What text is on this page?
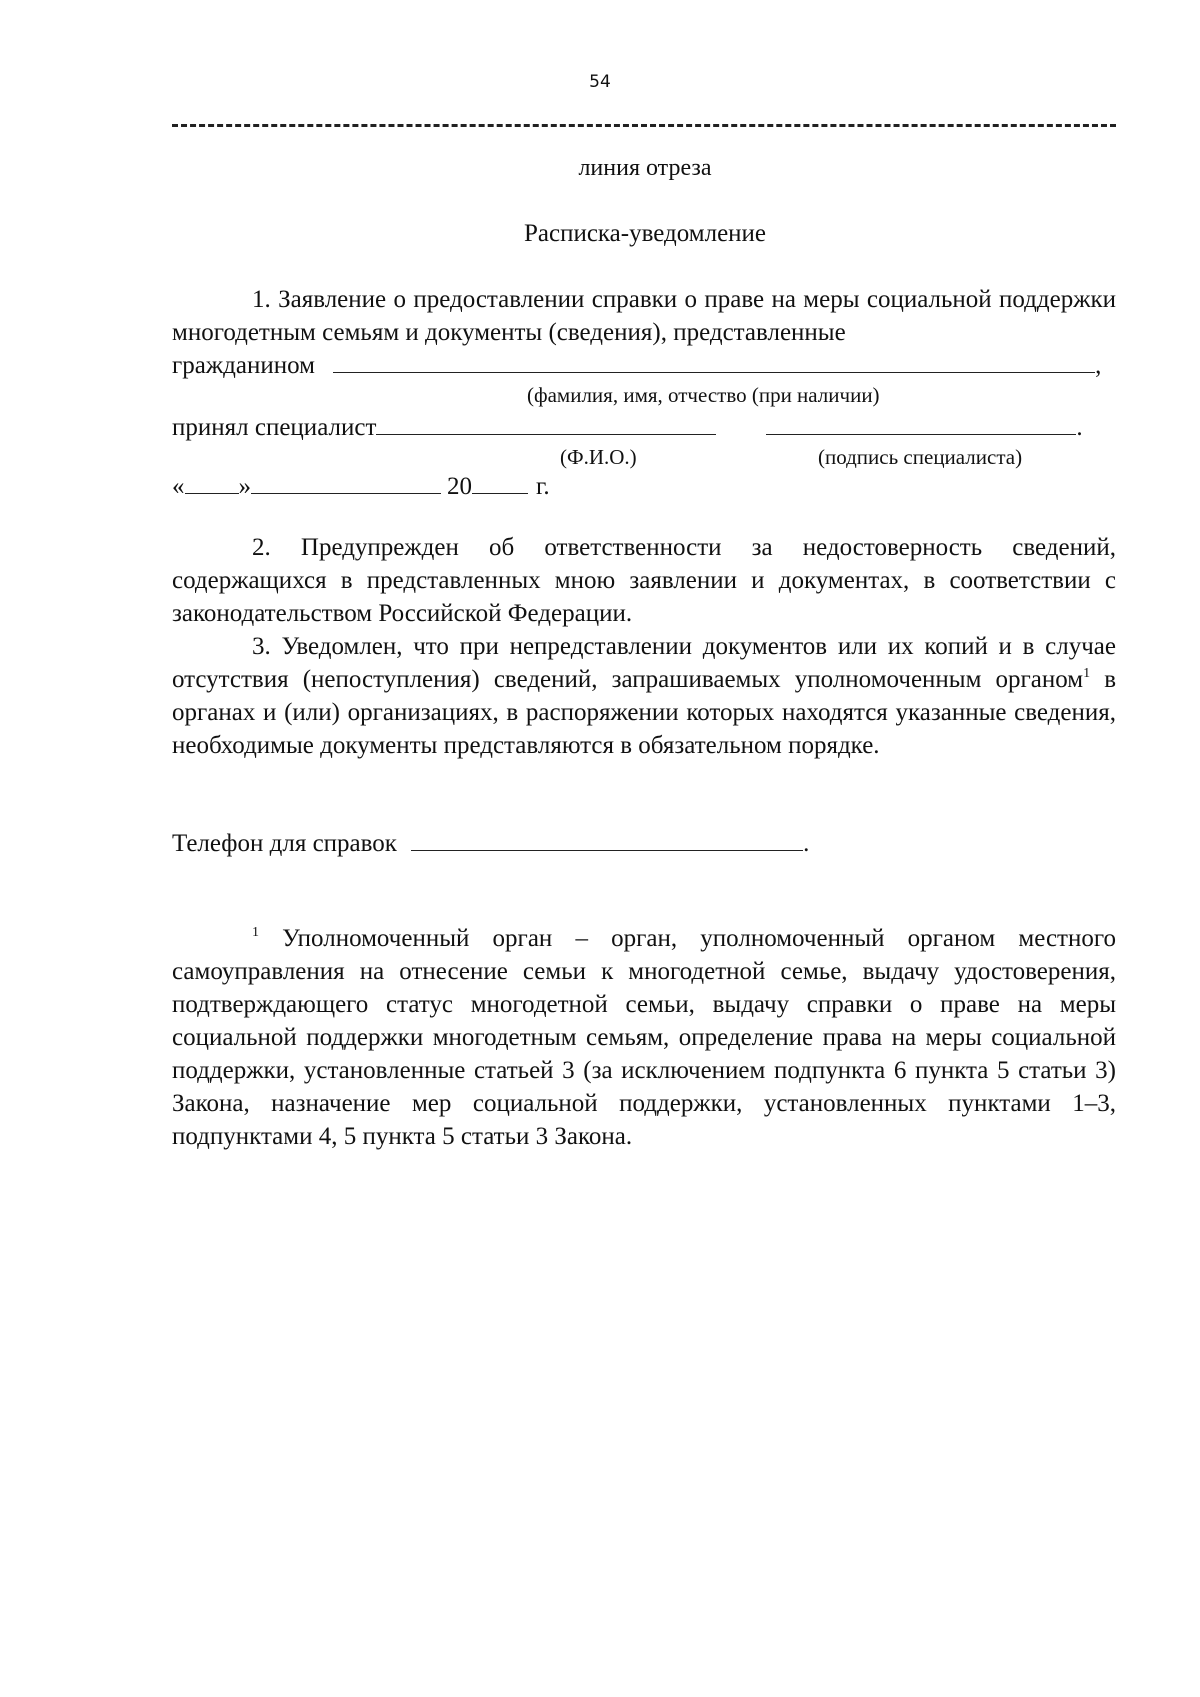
54
линия отреза
Расписка-уведомление
1. Заявление о предоставлении справки о праве на меры социальной поддержки многодетным семьям и документы (сведения), представленные
гражданином	,
(фамилия, имя, отчество (при наличии)
принял специалист	.
(Ф.И.О.)	(подпись специалиста)
« »	20	г.
2. Предупрежден об ответственности за недостоверность сведений, содержащихся в представленных мною заявлении и документах, в соответствии с законодательством Российской Федерации.
3. Уведомлен, что при непредставлении документов или их копий и в случае отсутствия (непоступления) сведений, запрашиваемых уполномоченным органом$^1$ в органах и (или) организациях, в распоряжении которых находятся указанные сведения, необходимые документы представляются в обязательном порядке.
Телефон для справок	.
$^1$ Уполномоченный орган – орган, уполномоченный органом местного самоуправления на отнесение семьи к многодетной семье, выдачу удостоверения, подтверждающего статус многодетной семьи, выдачу справки о праве на меры социальной поддержки многодетным семьям, определение права на меры социальной поддержки, установленные статьей 3 (за исключением подпункта 6 пункта 5 статьи 3) Закона, назначение мер социальной поддержки, установленных пунктами 1–3, подпунктами 4, 5 пункта 5 статьи 3 Закона.
